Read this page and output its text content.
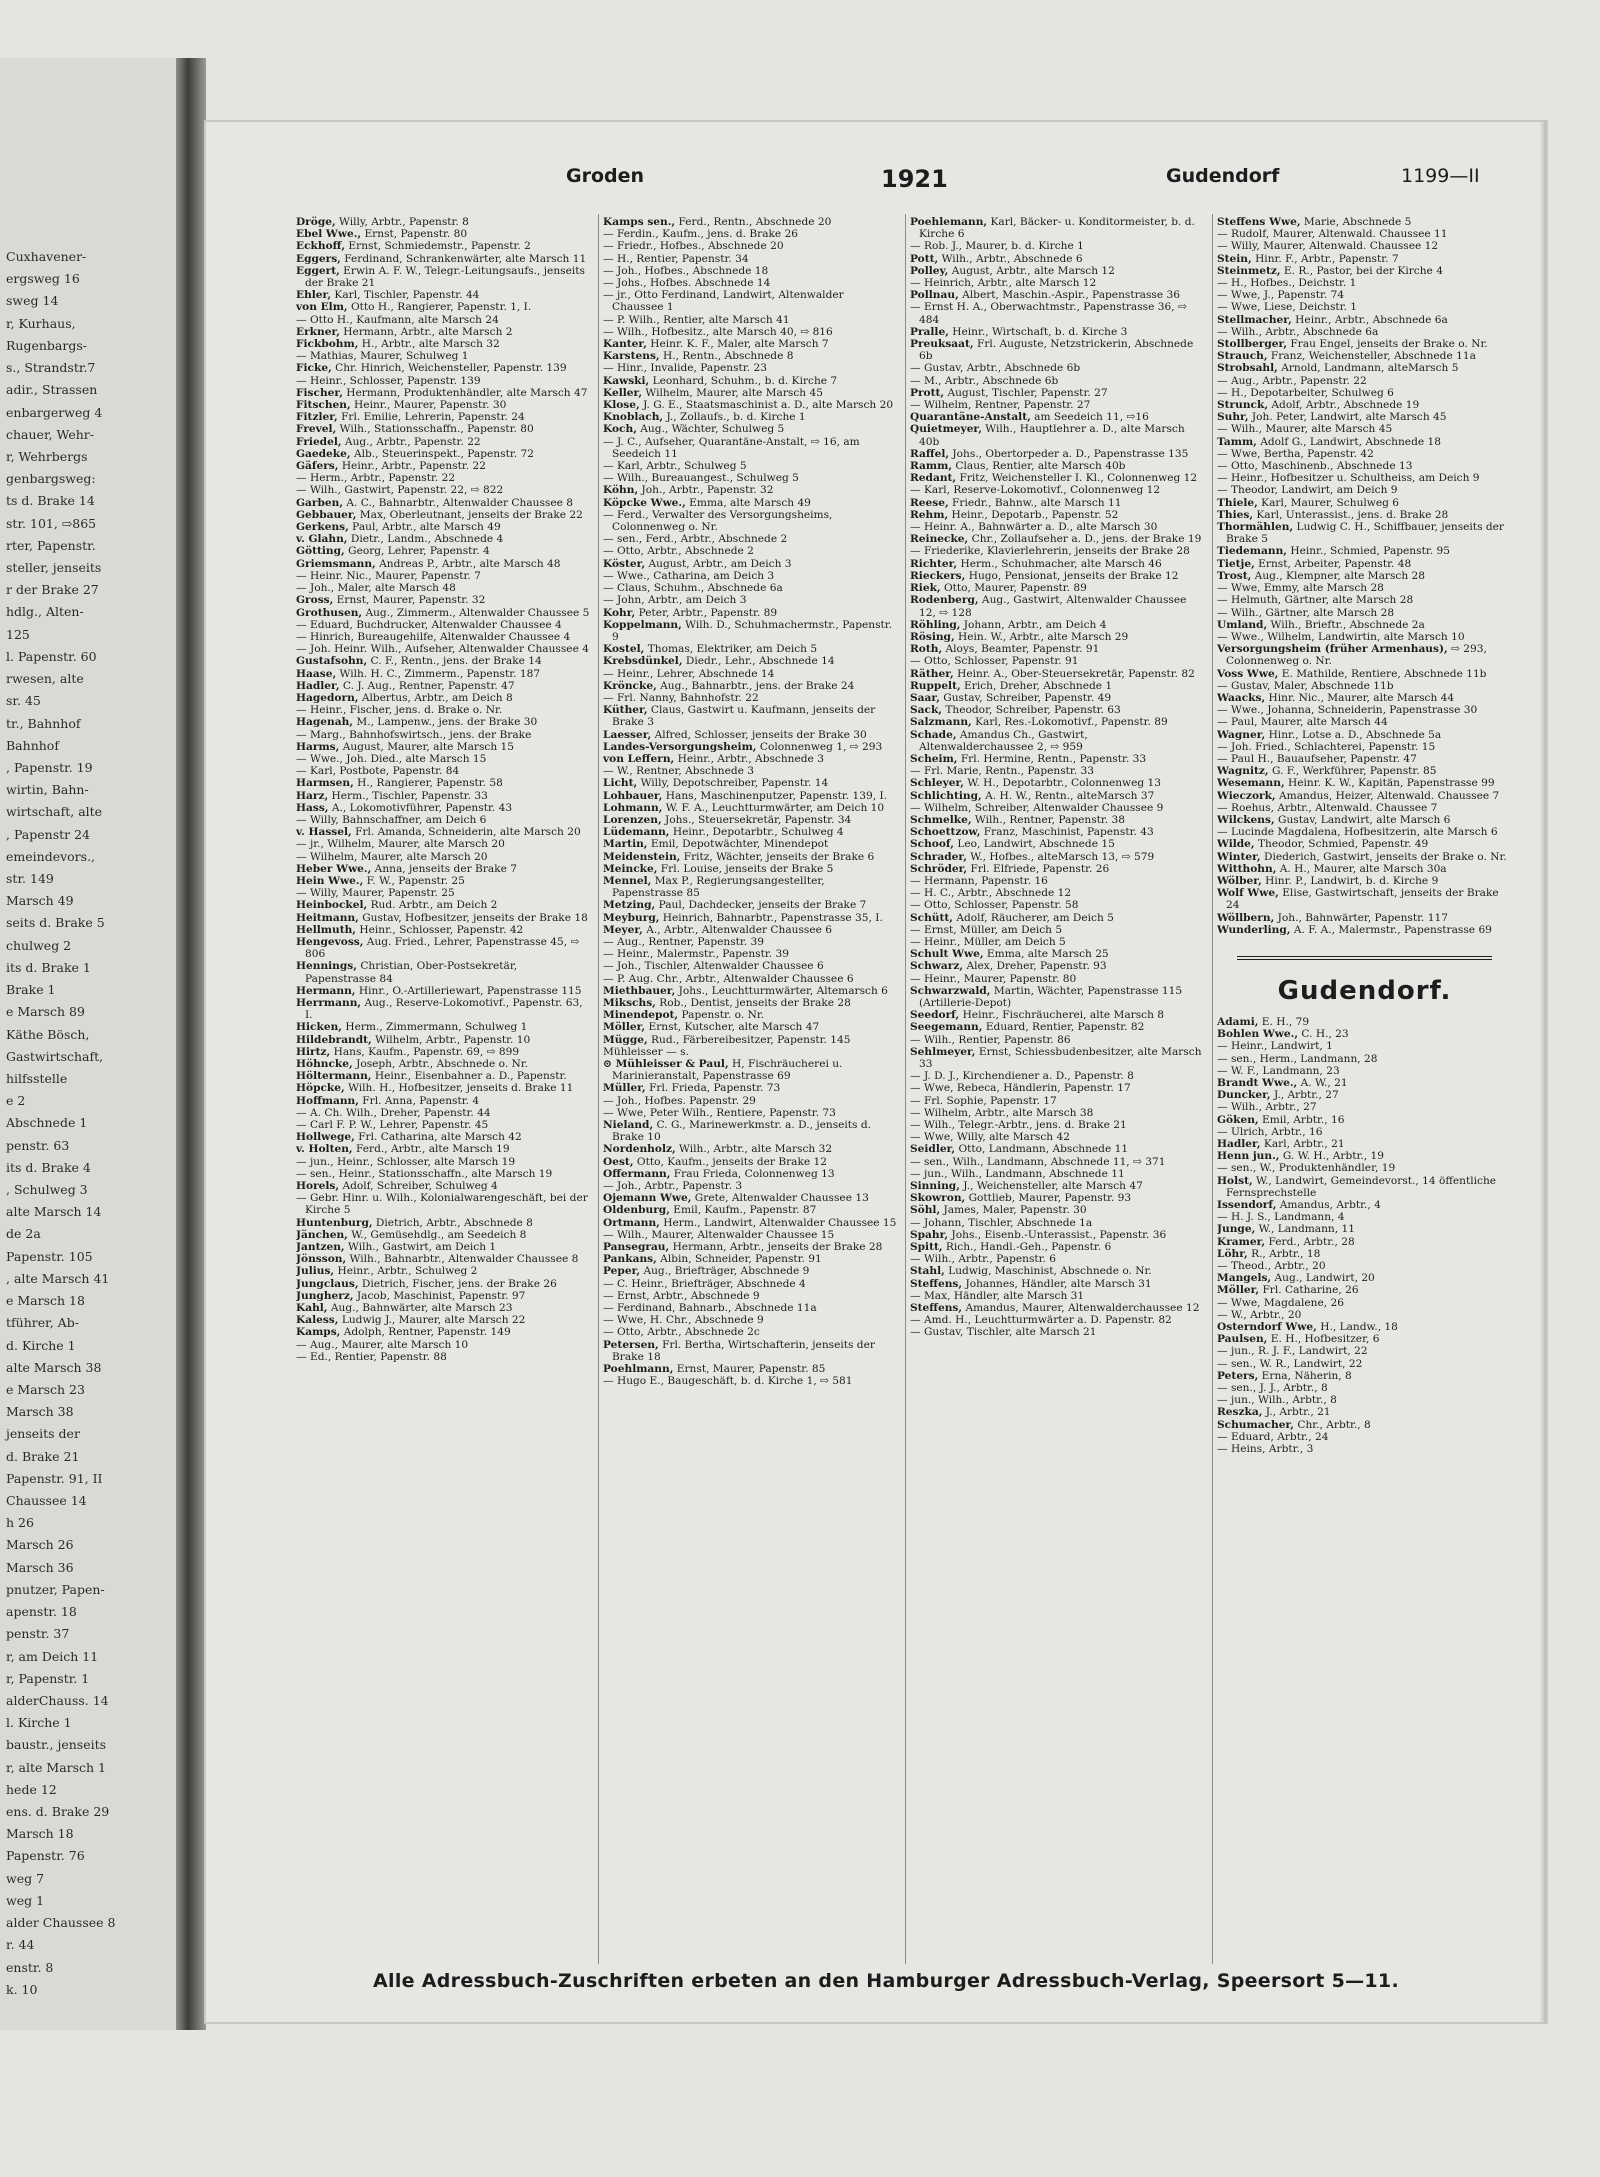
Cuxhavener-
ergsweg 16
sweg 14
r, Kurhaus,
Rugenbargs-
s., Strandstr.7
adir., Strassen
enbargerweg 4
chauer, Wehr-
r, Wehrbergs
genbargsweg:
ts d. Brake 14
str. 101, ⇨865
rter, Papenstr.
steller, jenseits
r der Brake 27
hdlg., Alten-
125
l. Papenstr. 60
rwesen, alte
sr. 45
tr., Bahnhof
Bahnhof
, Papenstr. 19
wirtin, Bahn-
wirtschaft, alte
, Papenstr 24
emeindevors.,
str. 149
Marsch 49
seits d. Brake 5
chulweg 2
its d. Brake 1
Brake 1
e Marsch 89
Käthe Bösch,
Gastwirtschaft,
hilfsstelle
e 2
Abschnede 1
penstr. 63
its d. Brake 4
, Schulweg 3
alte Marsch 14
de 2a
Papenstr. 105
, alte Marsch 41
e Marsch 18
tführer, Ab-
d. Kirche 1
alte Marsch 38
e Marsch 23
Marsch 38
jenseits der
d. Brake 21
Papenstr. 91, II
Chaussee 14
h 26
Marsch 26
Marsch 36
pnutzer, Papen-
apenstr. 18
penstr. 37
r, am Deich 11
r, Papenstr. 1
alderChauss. 14
l. Kirche 1
baustr., jenseits
r, alte Marsch 1
hede 12
ens. d. Brake 29
Marsch 18
Papenstr. 76
weg 7
weg 1
alder Chaussee 8
r. 44
enstr. 8
k. 10
Groden	1921	Gudendorf	1199—II

Dröge, Willy, Arbtr., Papenstr. 8

Ebel Wwe., Ernst, Papenstr. 80

Eckhoff, Ernst, Schmiedemstr., Papenstr. 2

Eggers, Ferdinand, Schrankenwärter, alte Marsch 11

Eggert, Erwin A. F. W., Telegr.-Leitungsaufs., jenseits der Brake 21

Ehler, Karl, Tischler, Papenstr. 44

von Elm, Otto H., Rangierer, Papenstr. 1, I.

— Otto H., Kaufmann, alte Marsch 24

Erkner, Hermann, Arbtr., alte Marsch 2

Fickbohm, H., Arbtr., alte Marsch 32

— Mathias, Maurer, Schulweg 1

Ficke, Chr. Hinrich, Weichensteller, Papenstr. 139

— Heinr., Schlosser, Papenstr. 139

Fischer, Hermann, Produktenhändler, alte Marsch 47

Fitschen, Heinr., Maurer, Papenstr. 30

Fitzler, Frl. Emilie, Lehrerin, Papenstr. 24

Frevel, Wilh., Stationsschaffn., Papenstr. 80

Friedel, Aug., Arbtr., Papenstr. 22

Gaedeke, Alb., Steuerinspekt., Papenstr. 72

Gäfers, Heinr., Arbtr., Papenstr. 22

— Herm., Arbtr., Papenstr. 22

— Wilh., Gastwirt, Papenstr. 22, ⇨ 822

Garben, A. C., Bahnarbtr., Altenwalder Chaussee 8

Gebbauer, Max, Oberleutnant, jenseits der Brake 22

Gerkens, Paul, Arbtr., alte Marsch 49

v. Glahn, Dietr., Landm., Abschnede 4

Götting, Georg, Lehrer, Papenstr. 4

Griemsmann, Andreas P., Arbtr., alte Marsch 48

— Heinr. Nic., Maurer, Papenstr. 7

— Joh., Maler, alte Marsch 48

Gross, Ernst, Maurer, Papenstr. 32

Grothusen, Aug., Zimmerm., Altenwalder Chaussee 5

— Eduard, Buchdrucker, Altenwalder Chaussee 4

— Hinrich, Bureaugehilfe, Altenwalder Chaussee 4

— Joh. Heinr. Wilh., Aufseher, Altenwalder Chaussee 4

Gustafsohn, C. F., Rentn., jens. der Brake 14

Haase, Wilh. H. C., Zimmerm., Papenstr. 187

Hadler, C. J. Aug., Rentner, Papenstr. 47

Hagedorn, Albertus, Arbtr., am Deich 8

— Heinr., Fischer, jens. d. Brake o. Nr.

Hagenah, M., Lampenw., jens. der Brake 30

— Marg., Bahnhofswirtsch., jens. der Brake

Harms, August, Maurer, alte Marsch 15

— Wwe., Joh. Died., alte Marsch 15

— Karl, Postbote, Papenstr. 84

Harmsen, H., Rangierer, Papenstr. 58

Harz, Herm., Tischler, Papenstr. 33

Hass, A., Lokomotivführer, Papenstr. 43

— Willy, Bahnschaffner, am Deich 6

v. Hassel, Frl. Amanda, Schneiderin, alte Marsch 20

— jr., Wilhelm, Maurer, alte Marsch 20

— Wilhelm, Maurer, alte Marsch 20

Heber Wwe., Anna, jenseits der Brake 7

Hein Wwe., F. W., Papenstr. 25

— Willy, Maurer, Papenstr. 25

Heinbockel, Rud. Arbtr., am Deich 2

Heitmann, Gustav, Hofbesitzer, jenseits der Brake 18

Hellmuth, Heinr., Schlosser, Papenstr. 42

Hengevoss, Aug. Fried., Lehrer, Papenstrasse 45, ⇨ 806

Hennings, Christian, Ober-Postsekretär, Papenstrasse 84

Hermann, Hinr., O.-Artilleriewart, Papenstrasse 115

Herrmann, Aug., Reserve-Lokomotivf., Papenstr. 63, I.

Hicken, Herm., Zimmermann, Schulweg 1

Hildebrandt, Wilhelm, Arbtr., Papenstr. 10

Hirtz, Hans, Kaufm., Papenstr. 69, ⇨ 899

Höhncke, Joseph, Arbtr., Abschnede o. Nr.

Höltermann, Heinr., Eisenbahner a. D., Papenstr.

Höpcke, Wilh. H., Hofbesitzer, jenseits d. Brake 11

Hoffmann, Frl. Anna, Papenstr. 4

— A. Ch. Wilh., Dreher, Papenstr. 44

— Carl F. P. W., Lehrer, Papenstr. 45

Hollwege, Frl. Catharina, alte Marsch 42

v. Holten, Ferd., Arbtr., alte Marsch 19

— jun., Heinr., Schlosser, alte Marsch 19

— sen., Heinr., Stationsschaffn., alte Marsch 19

Horels, Adolf, Schreiber, Schulweg 4

— Gebr. Hinr. u. Wilh., Kolonialwarengeschäft, bei der Kirche 5

Huntenburg, Dietrich, Arbtr., Abschnede 8

Jänchen, W., Gemüsehdlg., am Seedeich 8

Jantzen, Wilh., Gastwirt, am Deich 1

Jönsson, Wilh., Bahnarbtr., Altenwalder Chaussee 8

Julius, Heinr., Arbtr., Schulweg 2

Jungclaus, Dietrich, Fischer, jens. der Brake 26

Jungherz, Jacob, Maschinist, Papenstr. 97

Kahl, Aug., Bahnwärter, alte Marsch 23

Kaless, Ludwig J., Maurer, alte Marsch 22

Kamps, Adolph, Rentner, Papenstr. 149

— Aug., Maurer, alte Marsch 10

— Ed., Rentier, Papenstr. 88

Kamps sen., Ferd., Rentn., Abschnede 20

— Ferdin., Kaufm., jens. d. Brake 26

— Friedr., Hofbes., Abschnede 20

— H., Rentier, Papenstr. 34

— Joh., Hofbes., Abschnede 18

— Johs., Hofbes. Abschnede 14

— jr., Otto Ferdinand, Landwirt, Altenwalder Chaussee 1

— P. Wilh., Rentier, alte Marsch 41

— Wilh., Hofbesitz., alte Marsch 40, ⇨ 816

Kanter, Heinr. K. F., Maler, alte Marsch 7

Karstens, H., Rentn., Abschnede 8

— Hinr., Invalide, Papenstr. 23

Kawski, Leonhard, Schuhm., b. d. Kirche 7

Keller, Wilhelm, Maurer, alte Marsch 45

Klose, J. G. E., Staatsmaschinist a. D., alte Marsch 20

Knoblach, J., Zollaufs., b. d. Kirche 1

Koch, Aug., Wächter, Schulweg 5

— J. C., Aufseher, Quarantäne-Anstalt, ⇨ 16, am Seedeich 11

— Karl, Arbtr., Schulweg 5

— Wilh., Bureauangest., Schulweg 5

Köhn, Joh., Arbtr., Papenstr. 32

Köpcke Wwe., Emma, alte Marsch 49

— Ferd., Verwalter des Versorgungsheims, Colonnenweg o. Nr.

— sen., Ferd., Arbtr., Abschnede 2

— Otto, Arbtr., Abschnede 2

Köster, August, Arbtr., am Deich 3

— Wwe., Catharina, am Deich 3

— Claus, Schuhm., Abschnede 6a

— John, Arbtr., am Deich 3

Kohr, Peter, Arbtr., Papenstr. 89

Koppelmann, Wilh. D., Schuhmachermstr., Papenstr. 9

Kostel, Thomas, Elektriker, am Deich 5

Krebsdünkel, Diedr., Lehr., Abschnede 14

— Heinr., Lehrer, Abschnede 14

Kröncke, Aug., Bahnarbtr., jens. der Brake 24

— Frl. Nanny, Bahnhofstr. 22

Küther, Claus, Gastwirt u. Kaufmann, jenseits der Brake 3

Laesser, Alfred, Schlosser, jenseits der Brake 30

Landes-Versorgungsheim, Colonnenweg 1, ⇨ 293

von Leffern, Heinr., Arbtr., Abschnede 3

— W., Rentner, Abschnede 3

Licht, Willy, Depotschreiber, Papenstr. 14

Lohbauer, Hans, Maschinenputzer, Papenstr. 139, I.

Lohmann, W. F. A., Leuchtturmwärter, am Deich 10

Lorenzen, Johs., Steuersekretär, Papenstr. 34

Lüdemann, Heinr., Depotarbtr., Schulweg 4

Martin, Emil, Depotwächter, Minendepot

Meidenstein, Fritz, Wächter, jenseits der Brake 6

Meincke, Frl. Louise, jenseits der Brake 5

Mennel, Max P., Regierungsangestellter, Papenstrasse 85

Metzing, Paul, Dachdecker, jenseits der Brake 7

Meyburg, Heinrich, Bahnarbtr., Papenstrasse 35, I.

Meyer, A., Arbtr., Altenwalder Chaussee 6

— Aug., Rentner, Papenstr. 39

— Heinr., Malermstr., Papenstr. 39

— Joh., Tischler, Altenwalder Chaussee 6

— P. Aug. Chr., Arbtr., Altenwalder Chaussee 6

Miethbauer, Johs., Leuchtturmwärter, Altemarsch 6

Mikschs, Rob., Dentist, jenseits der Brake 28

Minendepot, Papenstr. o. Nr.

Möller, Ernst, Kutscher, alte Marsch 47

Mügge, Rud., Färbereibesitzer, Papenstr. 145

Mühleisser — s.

⊙ Mühleisser & Paul, H, Fischräucherei u. Marinieranstalt, Papenstrasse 69

Müller, Frl. Frieda, Papenstr. 73

— Joh., Hofbes. Papenstr. 29

— Wwe, Peter Wilh., Rentiere, Papenstr. 73

Nieland, C. G., Marinewerkmstr. a. D., jenseits d. Brake 10

Nordenholz, Wilh., Arbtr., alte Marsch 32

Oest, Otto, Kaufm., jenseits der Brake 12

Offermann, Frau Frieda, Colonnenweg 13

— Joh., Arbtr., Papenstr. 3

Ojemann Wwe, Grete, Altenwalder Chaussee 13

Oldenburg, Emil, Kaufm., Papenstr. 87

Ortmann, Herm., Landwirt, Altenwalder Chaussee 15

— Wilh., Maurer, Altenwalder Chaussee 15

Pansegrau, Hermann, Arbtr., jenseits der Brake 28

Pankans, Albin, Schneider, Papenstr. 91

Peper, Aug., Briefträger, Abschnede 9

— C. Heinr., Briefträger, Abschnede 4

— Ernst, Arbtr., Abschnede 9

— Ferdinand, Bahnarb., Abschnede 11a

— Wwe, H. Chr., Abschnede 9

— Otto, Arbtr., Abschnede 2c

Petersen, Frl. Bertha, Wirtschafterin, jenseits der Brake 18

Poehlmann, Ernst, Maurer, Papenstr. 85

— Hugo E., Baugeschäft, b. d. Kirche 1, ⇨ 581

Poehlemann, Karl, Bäcker- u. Konditormeister, b. d. Kirche 6

— Rob. J., Maurer, b. d. Kirche 1

Pott, Wilh., Arbtr., Abschnede 6

Polley, August, Arbtr., alte Marsch 12

— Heinrich, Arbtr., alte Marsch 12

Pollnau, Albert, Maschin.-Aspir., Papenstrasse 36

— Ernst H. A., Oberwachtmstr., Papenstrasse 36, ⇨ 484

Pralle, Heinr., Wirtschaft, b. d. Kirche 3

Preuksaat, Frl. Auguste, Netzstrickerin, Abschnede 6b

— Gustav, Arbtr., Abschnede 6b

— M., Arbtr., Abschnede 6b

Prott, August, Tischler, Papenstr. 27

— Wilhelm, Rentner, Papenstr. 27

Quarantäne-Anstalt, am Seedeich 11, ⇨16

Quietmeyer, Wilh., Hauptlehrer a. D., alte Marsch 40b

Raffel, Johs., Obertorpeder a. D., Papenstrasse 135

Ramm, Claus, Rentier, alte Marsch 40b

Redant, Fritz, Weichensteller I. Kl., Colonnenweg 12

— Karl, Reserve-Lokomotivf., Colonnenweg 12

Reese, Friedr., Bahnw., alte Marsch 11

Rehm, Heinr., Depotarb., Papenstr. 52

— Heinr. A., Bahnwärter a. D., alte Marsch 30

Reinecke, Chr., Zollaufseher a. D., jens. der Brake 19

— Friederike, Klavierlehrerin, jenseits der Brake 28

Richter, Herm., Schuhmacher, alte Marsch 46

Rieckers, Hugo, Pensionat, jenseits der Brake 12

Riek, Otto, Maurer, Papenstr. 89

Rodenberg, Aug., Gastwirt, Altenwalder Chaussee 12, ⇨ 128

Röhling, Johann, Arbtr., am Deich 4

Rösing, Hein. W., Arbtr., alte Marsch 29

Roth, Aloys, Beamter, Papenstr. 91

— Otto, Schlosser, Papenstr. 91

Räther, Heinr. A., Ober-Steuersekretär, Papenstr. 82

Ruppelt, Erich, Dreher, Abschnede 1

Saar, Gustav, Schreiber, Papenstr. 49

Sack, Theodor, Schreiber, Papenstr. 63

Salzmann, Karl, Res.-Lokomotivf., Papenstr. 89

Schade, Amandus Ch., Gastwirt, Altenwalderchaussee 2, ⇨ 959

Scheim, Frl. Hermine, Rentn., Papenstr. 33

— Frl. Marie, Rentn., Papenstr. 33

Schleyer, W. H., Depotarbtr., Colonnenweg 13

Schlichting, A. H. W., Rentn., alteMarsch 37

— Wilhelm, Schreiber, Altenwalder Chaussee 9

Schmelke, Wilh., Rentner, Papenstr. 38

Schoettzow, Franz, Maschinist, Papenstr. 43

Schoof, Leo, Landwirt, Abschnede 15

Schrader, W., Hofbes., alteMarsch 13, ⇨ 579

Schröder, Frl. Elfriede, Papenstr. 26

— Hermann, Papenstr. 16

— H. C., Arbtr., Abschnede 12

— Otto, Schlosser, Papenstr. 58

Schütt, Adolf, Räucherer, am Deich 5

— Ernst, Müller, am Deich 5

— Heinr., Müller, am Deich 5

Schult Wwe, Emma, alte Marsch 25

Schwarz, Alex, Dreher, Papenstr. 93

— Heinr., Maurer, Papenstr. 80

Schwarzwald, Martin, Wächter, Papenstrasse 115 (Artillerie-Depot)

Seedorf, Heinr., Fischräucherei, alte Marsch 8

Seegemann, Eduard, Rentier, Papenstr. 82

— Wilh., Rentier, Papenstr. 86

Sehlmeyer, Ernst, Schiessbudenbesitzer, alte Marsch 33

— J. D. J., Kirchendiener a. D., Papenstr. 8

— Wwe, Rebeca, Händlerin, Papenstr. 17

— Frl. Sophie, Papenstr. 17

— Wilhelm, Arbtr., alte Marsch 38

— Wilh., Telegr.-Arbtr., jens. d. Brake 21

— Wwe, Willy, alte Marsch 42

Seidler, Otto, Landmann, Abschnede 11

— sen., Wilh., Landmann, Abschnede 11, ⇨ 371

— jun., Wilh., Landmann, Abschnede 11

Sinning, J., Weichensteller, alte Marsch 47

Skowron, Gottlieb, Maurer, Papenstr. 93

Söhl, James, Maler, Papenstr. 30

— Johann, Tischler, Abschnede 1a

Spahr, Johs., Eisenb.-Unterassist., Papenstr. 36

Spitt, Rich., Handl.-Geh., Papenstr. 6

— Wilh., Arbtr., Papenstr. 6

Stahl, Ludwig, Maschinist, Abschnede o. Nr.

Steffens, Johannes, Händler, alte Marsch 31

— Max, Händler, alte Marsch 31

Steffens, Amandus, Maurer, Altenwalderchaussee 12

— Amd. H., Leuchtturmwärter a. D. Papenstr. 82

— Gustav, Tischler, alte Marsch 21

Steffens Wwe, Marie, Abschnede 5

— Rudolf, Maurer, Altenwald. Chaussee 11

— Willy, Maurer, Altenwald. Chaussee 12

Stein, Hinr. F., Arbtr., Papenstr. 7

Steinmetz, E. R., Pastor, bei der Kirche 4

— H., Hofbes., Deichstr. 1

— Wwe, J., Papenstr. 74

— Wwe, Liese, Deichstr. 1

Stellmacher, Heinr., Arbtr., Abschnede 6a

— Wilh., Arbtr., Abschnede 6a

Stollberger, Frau Engel, jenseits der Brake o. Nr.

Strauch, Franz, Weichensteller, Abschnede 11a

Strobsahl, Arnold, Landmann, alteMarsch 5

— Aug., Arbtr., Papenstr. 22

— H., Depotarbeiter, Schulweg 6

Strunck, Adolf, Arbtr., Abschnede 19

Suhr, Joh. Peter, Landwirt, alte Marsch 45

— Wilh., Maurer, alte Marsch 45

Tamm, Adolf G., Landwirt, Abschnede 18

— Wwe, Bertha, Papenstr. 42

— Otto, Maschinenb., Abschnede 13

— Heinr., Hofbesitzer u. Schultheiss, am Deich 9

— Theodor, Landwirt, am Deich 9

Thiele, Karl, Maurer, Schulweg 6

Thies, Karl, Unterassist., jens. d. Brake 28

Thormählen, Ludwig C. H., Schiffbauer, jenseits der Brake 5

Tiedemann, Heinr., Schmied, Papenstr. 95

Tietje, Ernst, Arbeiter, Papenstr. 48

Trost, Aug., Klempner, alte Marsch 28

— Wwe, Emmy, alte Marsch 28

— Helmuth, Gärtner, alte Marsch 28

— Wilh., Gärtner, alte Marsch 28

Umland, Wilh., Brieftr., Abschnede 2a

— Wwe., Wilhelm, Landwirtin, alte Marsch 10

Versorgungsheim (früher Armenhaus), ⇨ 293, Colonnenweg o. Nr.

Voss Wwe, E. Mathilde, Rentiere, Abschnede 11b

— Gustav, Maler, Abschnede 11b

Waacks, Hinr. Nic., Maurer, alte Marsch 44

— Wwe., Johanna, Schneiderin, Papenstrasse 30

— Paul, Maurer, alte Marsch 44

Wagner, Hinr., Lotse a. D., Abschnede 5a

— Joh. Fried., Schlachterei, Papenstr. 15

— Paul H., Bauaufseher, Papenstr. 47

Wagnitz, G. F., Werkführer, Papenstr. 85

Wesemann, Heinr. K. W., Kapitän, Papenstrasse 99

Wieczork, Amandus, Heizer, Altenwald. Chaussee 7

— Roehus, Arbtr., Altenwald. Chaussee 7

Wilckens, Gustav, Landwirt, alte Marsch 6

— Lucinde Magdalena, Hofbesitzerin, alte Marsch 6

Wilde, Theodor, Schmied, Papenstr. 49

Winter, Diederich, Gastwirt, jenseits der Brake o. Nr.

Witthohn, A. H., Maurer, alte Marsch 30a

Wölber, Hinr. P., Landwirt, b. d. Kirche 9

Wolf Wwe, Elise, Gastwirtschaft, jenseits der Brake 24

Wöllbern, Joh., Bahnwärter, Papenstr. 117

Wunderling, A. F. A., Malermstr., Papenstrasse 69

Gudendorf.

Adami, E. H., 79

Bohlen Wwe., C. H., 23

— Heinr., Landwirt, 1

— sen., Herm., Landmann, 28

— W. F., Landmann, 23

Brandt Wwe., A. W., 21

Duncker, J., Arbtr., 27

— Wilh., Arbtr., 27

Göken, Emil, Arbtr., 16

— Ulrich, Arbtr., 16

Hadler, Karl, Arbtr., 21

Henn jun., G. W. H., Arbtr., 19

— sen., W., Produktenhändler, 19

Holst, W., Landwirt, Gemeindevorst., 14 öffentliche Fernsprechstelle

Issendorf, Amandus, Arbtr., 4

— H. J. S., Landmann, 4

Junge, W., Landmann, 11

Kramer, Ferd., Arbtr., 28

Löhr, R., Arbtr., 18

— Theod., Arbtr., 20

Mangels, Aug., Landwirt, 20

Möller, Frl. Catharine, 26

— Wwe, Magdalene, 26

— W., Arbtr., 20

Osterndorf Wwe, H., Landw., 18

Paulsen, E. H., Hofbesitzer, 6

— jun., R. J. F., Landwirt, 22

— sen., W. R., Landwirt, 22

Peters, Erna, Näherin, 8

— sen., J. J., Arbtr., 8

— jun., Wilh., Arbtr., 8

Reszka, J., Arbtr., 21

Schumacher, Chr., Arbtr., 8

— Eduard, Arbtr., 24

— Heins, Arbtr., 3

Alle Adressbuch-Zuschriften erbeten an den Hamburger Adressbuch-Verlag, Speersort 5—11.
